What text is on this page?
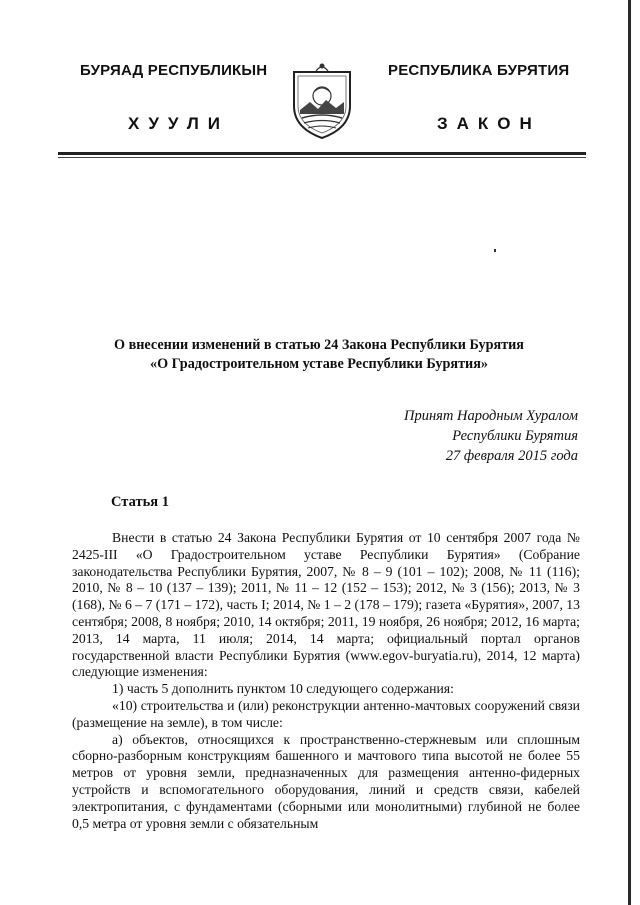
БУРЯАД РЕСПУБЛИКЫН	РЕСПУБЛИКА БУРЯТИЯ
ХУУЛИ	ЗАКОН
О внесении изменений в статью 24 Закона Республики Бурятия
«О Градостроительном уставе Республики Бурятия»
Принят Народным Хуралом
Республики Бурятия
27 февраля 2015 года
Статья 1

Внести в статью 24 Закона Республики Бурятия от 10 сентября 2007 года № 2425-III «О Градостроительном уставе Республики Бурятия» (Собрание законодательства Республики Бурятия, 2007, № 8 – 9 (101 – 102); 2008, № 11 (116); 2010, № 8 – 10 (137 – 139); 2011, № 11 – 12 (152 – 153); 2012, № 3 (156); 2013, № 3 (168), № 6 – 7 (171 – 172), часть I; 2014, № 1 – 2 (178 – 179); газета «Бурятия», 2007, 13 сентября; 2008, 8 ноября; 2010, 14 октября; 2011, 19 ноября, 26 ноября; 2012, 16 марта; 2013, 14 марта, 11 июля; 2014, 14 марта; официальный портал органов государственной власти Республики Бурятия (www.egov-buryatia.ru), 2014, 12 марта) следующие изменения:

1) часть 5 дополнить пунктом 10 следующего содержания:

«10) строительства и (или) реконструкции антенно-мачтовых сооружений связи (размещение на земле), в том числе:

а) объектов, относящихся к пространственно-стержневым или сплошным сборно-разборным конструкциям башенного и мачтового типа высотой не более 55 метров от уровня земли, предназначенных для размещения антенно-фидерных устройств и вспомогательного оборудования, линий и средств связи, кабелей электропитания, с фундаментами (сборными или монолитными) глубиной не более 0,5 метра от уровня земли с обязательным
